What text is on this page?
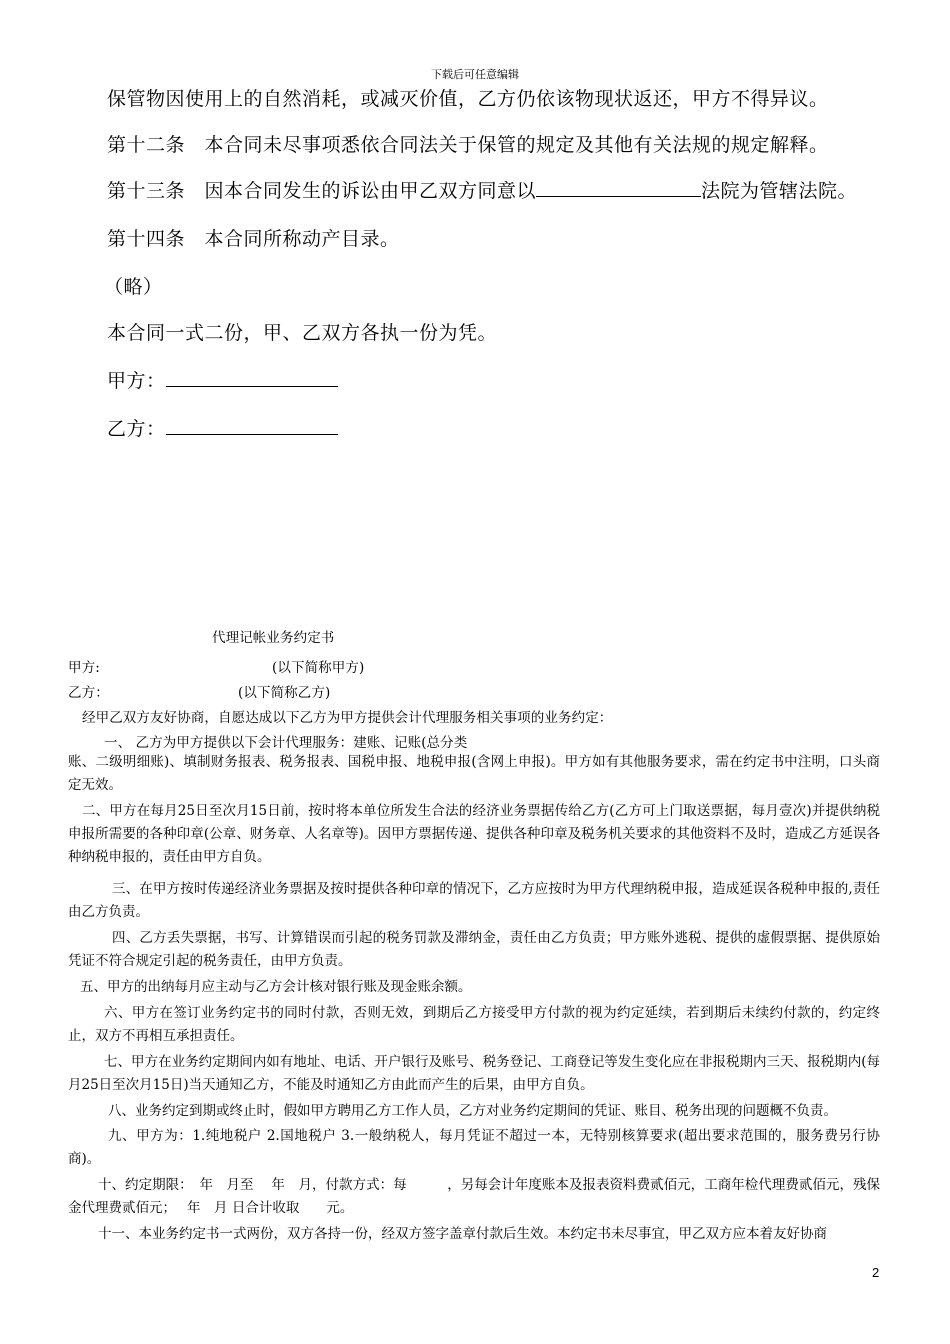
下载后可任意编辑
保管物因使用上的自然消耗，或减灭价值，乙方仍依该物现状返还，甲方不得异议。
第十二条　本合同未尽事项悉依合同法关于保管的规定及其他有关法规的规定解释。
第十三条　因本合同发生的诉讼由甲乙双方同意以	法院为管辖法院。
第十四条　本合同所称动产目录。
（略）
本合同一式二份，甲、乙双方各执一份为凭。
甲方：
乙方：
代理记帐业务约定书
甲方:	(以下简称甲方)
乙方：	(以下简称乙方)
经甲乙双方友好协商，自愿达成以下乙方为甲方提供会计代理服务相关事项的业务约定：
一、 乙方为甲方提供以下会计代理服务：建账、记账(总分类
账、二级明细账)、填制财务报表、税务报表、国税申报、地税申报(含网上申报)。甲方如有其他服务要求，需在约定书中注明，口头商定无效。
二、甲方在每月25日至次月15日前，按时将本单位所发生合法的经济业务票据传给乙方(乙方可上门取送票据，每月壹次)并提供纳税申报所需要的各种印章(公章、财务章、人名章等)。因甲方票据传递、提供各种印章及税务机关要求的其他资料不及时，造成乙方延误各种纳税申报的，责任由甲方自负。
三、在甲方按时传递经济业务票据及按时提供各种印章的情况下，乙方应按时为甲方代理纳税申报，造成延误各税种申报的,责任由乙方负责。
四、乙方丢失票据，书写、计算错误而引起的税务罚款及滞纳金，责任由乙方负责；甲方账外逃税、提供的虚假票据、提供原始凭证不符合规定引起的税务责任，由甲方负责。
五、甲方的出纳每月应主动与乙方会计核对银行账及现金账余额。
六、甲方在签订业务约定书的同时付款，否则无效，到期后乙方接受甲方付款的视为约定延续，若到期后未续约付款的，约定终止，双方不再相互承担责任。
七、甲方在业务约定期间内如有地址、电话、开户银行及账号、税务登记、工商登记等发生变化应在非报税期内三天、报税期内(每月25日至次月15日)当天通知乙方，不能及时通知乙方由此而产生的后果，由甲方自负。
八、业务约定到期或终止时，假如甲方聘用乙方工作人员，乙方对业务约定期间的凭证、账目、税务出现的问题概不负责。
九、甲方为：1.纯地税户 2.国地税户 3.一般纳税人，每月凭证不超过一本，无特别核算要求(超出要求范围的，服务费另行协商)。
十、约定期限：　年　月至　 年　月，付款方式：每　　　，另每会计年度账本及报表资料费贰佰元，工商年检代理费贰佰元，残保金代理费贰佰元；　 年　月 日合计收取　　元。
十一、本业务约定书一式两份，双方各持一份，经双方签字盖章付款后生效。本约定书未尽事宜，甲乙双方应本着友好协商
2
